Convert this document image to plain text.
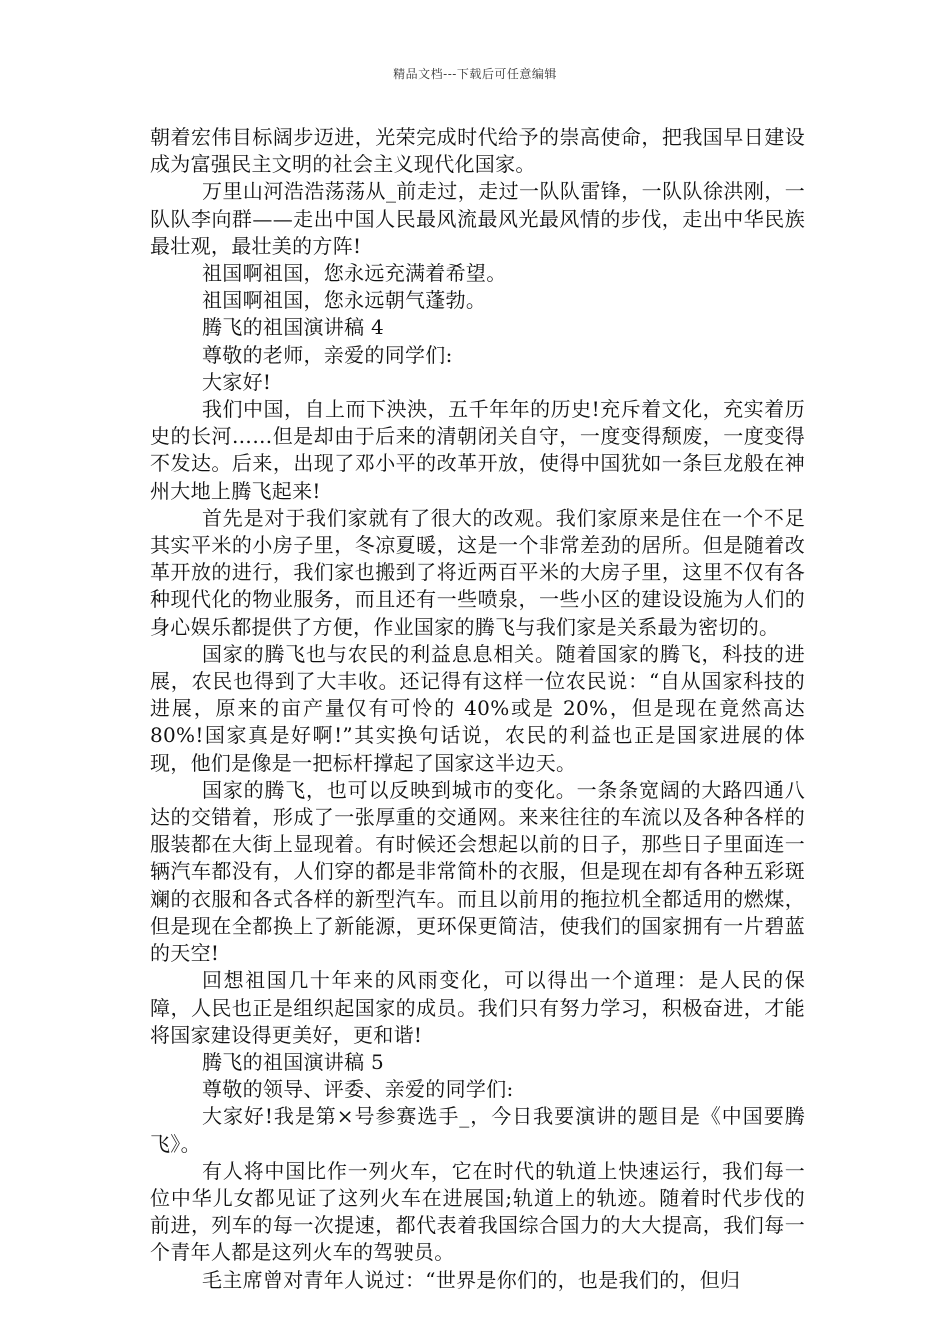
精品文档---下载后可任意编辑

朝着宏伟目标阔步迈进，光荣完成时代给予的崇高使命，把我国早日建设成为富强民主文明的社会主义现代化国家。

万里山河浩浩荡荡从_前走过，走过一队队雷锋，一队队徐洪刚，一队队李向群——走出中国人民最风流最风光最风情的步伐，走出中华民族最壮观，最壮美的方阵!

祖国啊祖国，您永远充满着希望。

祖国啊祖国，您永远朝气蓬勃。

腾飞的祖国演讲稿 4

尊敬的老师，亲爱的同学们:

大家好!

我们中国，自上而下泱泱，五千年年的历史!充斥着文化，充实着历史的长河……但是却由于后来的清朝闭关自守，一度变得颓废，一度变得不发达。后来，出现了邓小平的改革开放，使得中国犹如一条巨龙般在神州大地上腾飞起来!

首先是对于我们家就有了很大的改观。我们家原来是住在一个不足其实平米的小房子里，冬凉夏暖，这是一个非常差劲的居所。但是随着改革开放的进行，我们家也搬到了将近两百平米的大房子里，这里不仅有各种现代化的物业服务，而且还有一些喷泉，一些小区的建设设施为人们的身心娱乐都提供了方便，作业国家的腾飞与我们家是关系最为密切的。

国家的腾飞也与农民的利益息息相关。随着国家的腾飞，科技的进展，农民也得到了大丰收。还记得有这样一位农民说：“自从国家科技的进展，原来的亩产量仅有可怜的 40%或是 20%，但是现在竟然高达 80%!国家真是好啊!”其实换句话说，农民的利益也正是国家进展的体现，他们是像是一把标杆撑起了国家这半边天。

国家的腾飞，也可以反映到城市的变化。一条条宽阔的大路四通八达的交错着，形成了一张厚重的交通网。来来往往的车流以及各种各样的服装都在大街上显现着。有时候还会想起以前的日子，那些日子里面连一辆汽车都没有，人们穿的都是非常简朴的衣服，但是现在却有各种五彩斑斓的衣服和各式各样的新型汽车。而且以前用的拖拉机全都适用的燃煤，但是现在全都换上了新能源，更环保更简洁，使我们的国家拥有一片碧蓝的天空!

回想祖国几十年来的风雨变化，可以得出一个道理：是人民的保障，人民也正是组织起国家的成员。我们只有努力学习，积极奋进，才能将国家建设得更美好，更和谐!

腾飞的祖国演讲稿 5

尊敬的领导、评委、亲爱的同学们:

大家好!我是第×号参赛选手_，今日我要演讲的题目是《中国要腾飞》。

有人将中国比作一列火车，它在时代的轨道上快速运行，我们每一位中华儿女都见证了这列火车在进展国;轨道上的轨迹。随着时代步伐的前进，列车的每一次提速，都代表着我国综合国力的大大提高，我们每一个青年人都是这列火车的驾驶员。

毛主席曾对青年人说过：“世界是你们的，也是我们的，但归
